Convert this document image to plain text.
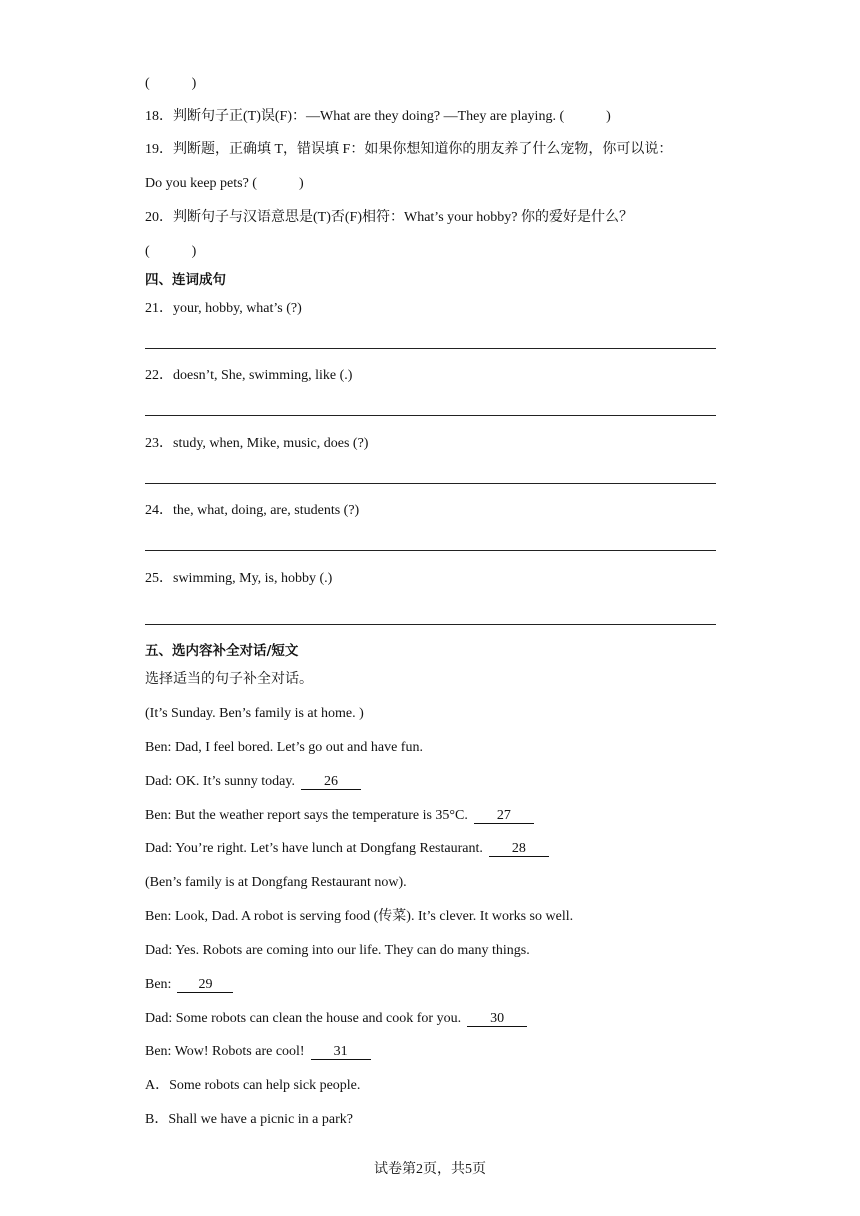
(　　　)
18．判断句子正(T)误(F)：—What are they doing? —They are playing. (　　　)
19．判断题，正确填 T，错误填 F：如果你想知道你的朋友养了什么宠物，你可以说：
Do you keep pets? (　　　)
20．判断句子与汉语意思是(T)否(F)相符：What’s your hobby? 你的爱好是什么？
(　　　)
四、连词成句
21．your, hobby, what’s (?)
22．doesn’t, She, swimming, like (.)
23．study, when, Mike, music, does (?)
24．the, what, doing, are, students (?)
25．swimming, My, is, hobby (.)
五、选内容补全对话/短文
选择适当的句子补全对话。
(It’s Sunday. Ben’s family is at home. )
Ben: Dad, I feel bored. Let’s go out and have fun.
Dad: OK. It’s sunny today. 26
Ben: But the weather report says the temperature is 35°C. 27
Dad: You’re right. Let’s have lunch at Dongfang Restaurant. 28
(Ben’s family is at Dongfang Restaurant now).
Ben: Look, Dad. A robot is serving food (传菜). It’s clever. It works so well.
Dad: Yes. Robots are coming into our life. They can do many things.
Ben: 29
Dad: Some robots can clean the house and cook for you. 30
Ben: Wow! Robots are cool! 31
A．Some robots can help sick people.
B．Shall we have a picnic in a park?
试卷第2页，共5页
